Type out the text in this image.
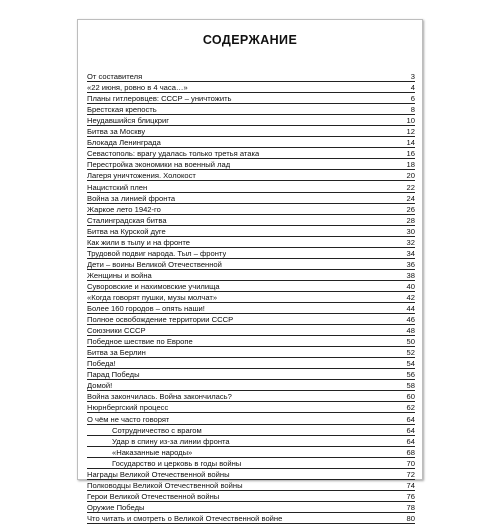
СОДЕРЖАНИЕ
От составителя	3
«22 июня, ровно в 4 часа…»	4
Планы гитлеровцев: СССР – уничтожить	6
Брестская крепость	8
Неудавшийся блицкриг	10
Битва за Москву	12
Блокада Ленинграда	14
Севастополь: врагу удалась только третья атака	16
Перестройка экономики на военный лад	18
Лагеря уничтожения. Холокост	20
Нацистский плен	22
Война за линией фронта	24
Жаркое лето 1942-го	26
Сталинградская битва	28
Битва на Курской дуге	30
Как жили в тылу и на фронте	32
Трудовой подвиг народа. Тыл – фронту	34
Дети – воины Великой Отечественной	36
Женщины и война	38
Суворовские и нахимовские училища	40
«Когда говорят пушки, музы молчат»	42
Более 160 городов – опять наши!	44
Полное освобождение территории СССР	46
Союзники СССР	48
Победное шествие по Европе	50
Битва за Берлин	52
Победа!	54
Парад Победы	56
Домой!	58
Война закончилась. Война закончилась?	60
Нюрнбергский процесс	62
О чём не часто говорят	64
Сотрудничество с врагом	64
Удар в спину из-за линии фронта	64
«Наказанные народы»	68
Государство и церковь в годы войны	70
Награды Великой Отечественной войны	72
Полководцы Великой Отечественной войны	74
Герои Великой Отечественной войны	76
Оружие Победы	78
Что читать и смотреть о Великой Отечественной войне	80
